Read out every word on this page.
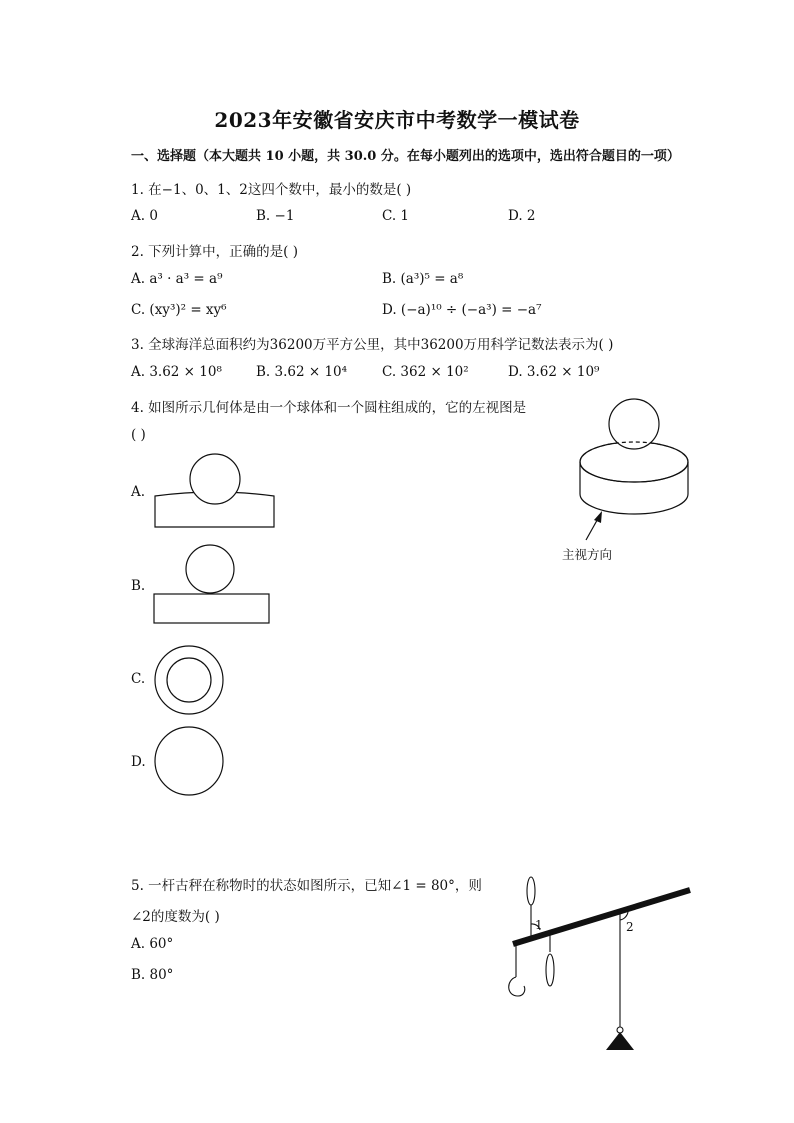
2023年安徽省安庆市中考数学一模试卷
一、选择题（本大题共 10 小题，共 30.0 分。在每小题列出的选项中，选出符合题目的一项）
1. 在−1、0、1、2这四个数中，最小的数是( )
A. 0	B. −1	C. 1	D. 2
2. 下列计算中，正确的是( )
A. a³ · a³ = a⁹	B. (a³)⁵ = a⁸
C. (xy³)² = xy⁶	D. (−a)¹⁰ ÷ (−a³) = −a⁷
3. 全球海洋总面积约为36200万平方公里，其中36200万用科学记数法表示为( )
A. 3.62 × 10⁸	B. 3.62 × 10⁴	C. 362 × 10²	D. 3.62 × 10⁹
4. 如图所示几何体是由一个球体和一个圆柱组成的，它的左视图是
( )
主视方向
A.
B.
C.
D.
5. 一杆古秤在称物时的状态如图所示，已知∠1 = 80°，则
∠2的度数为( )
A. 60°
B. 80°
1	2
